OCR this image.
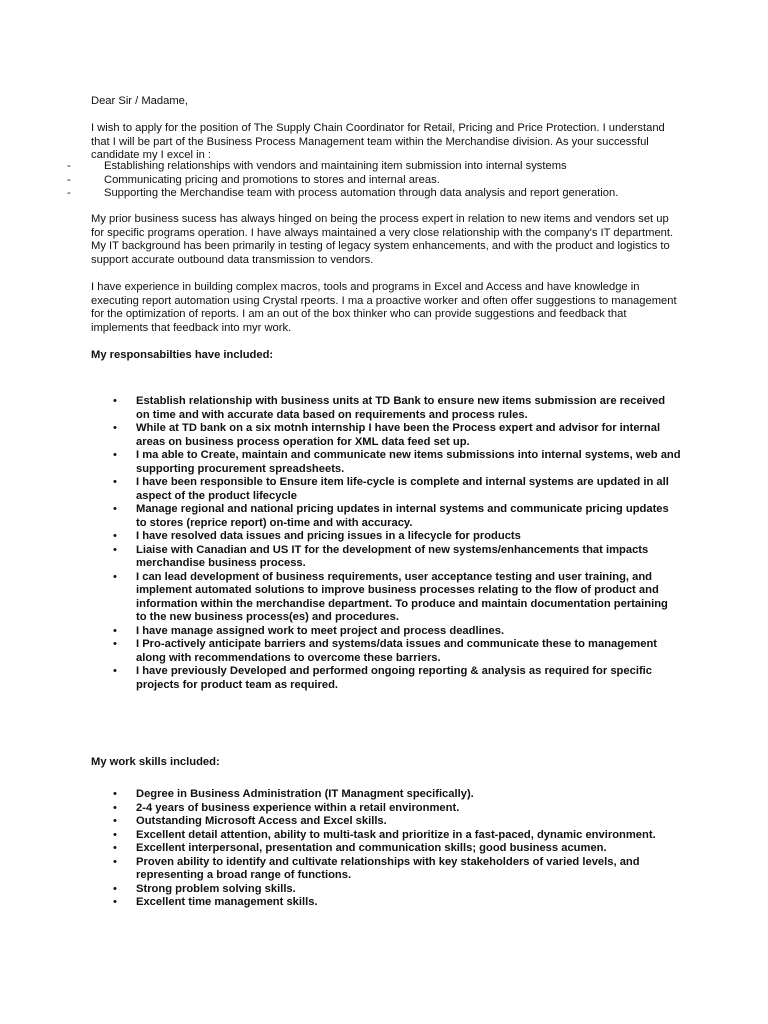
Dear Sir / Madame,

I wish to apply for the position of The Supply Chain Coordinator for Retail, Pricing and Price Protection. I understand that I will be part of the Business Process Management team within the Merchandise division. As your successful candidate my I excel in :

-	Establishing relationships with vendors and maintaining item submission into internal systems
-	Communicating pricing and promotions to stores and internal areas.
-	Supporting the Merchandise team with process automation through data analysis and report generation.

My prior business sucess has always hinged on being the process expert in relation to new items and vendors set up for specific programs operation. I have always maintained a very close relationship with the company's IT department. My IT background has been primarily in testing of legacy system enhancements, and with the product and logistics to support accurate outbound data transmission to vendors.

I have experience in building complex macros, tools and programs in Excel and Access and have knowledge in executing report automation using Crystal rpeorts. I ma a proactive worker and often offer suggestions to management for the optimization of reports. I am an out of the box thinker who can provide suggestions and feedback that implements that feedback into myr work.

My responsabilties have included:

• Establish relationship with business units at TD Bank to ensure new items submission are received on time and with accurate data based on requirements and process rules.
• While at TD bank on a six motnh internship I have been the Process expert and advisor for internal areas on business process operation for XML data feed set up.
• I ma able to Create, maintain and communicate new items submissions into internal systems, web and supporting procurement spreadsheets.
• I have been responsible to Ensure item life-cycle is complete and internal systems are updated in all aspect of the product lifecycle
• Manage regional and national pricing updates in internal systems and communicate pricing updates to stores (reprice report) on-time and with accuracy.
• I have resolved data issues and pricing issues in a lifecycle for products
• Liaise with Canadian and US IT for the development of new systems/enhancements that impacts merchandise business process.
• I can lead development of business requirements, user acceptance testing and user training, and implement automated solutions to improve business processes relating to the flow of product and information within the merchandise department. To produce and maintain documentation pertaining to the new business process(es) and procedures.
• I have manage assigned work to meet project and process deadlines.
• I Pro-actively anticipate barriers and systems/data issues and communicate these to management along with recommendations to overcome these barriers.
• I have previously Developed and performed ongoing reporting & analysis as required for specific projects for product team as required.

My work skills included:

• Degree in Business Administration (IT Managment specifically).
• 2-4 years of business experience within a retail environment.
• Outstanding Microsoft Access and Excel skills.
• Excellent detail attention, ability to multi-task and prioritize in a fast-paced, dynamic environment.
• Excellent interpersonal, presentation and communication skills; good business acumen.
• Proven ability to identify and cultivate relationships with key stakeholders of varied levels, and representing a broad range of functions.
• Strong problem solving skills.
• Excellent time management skills.
